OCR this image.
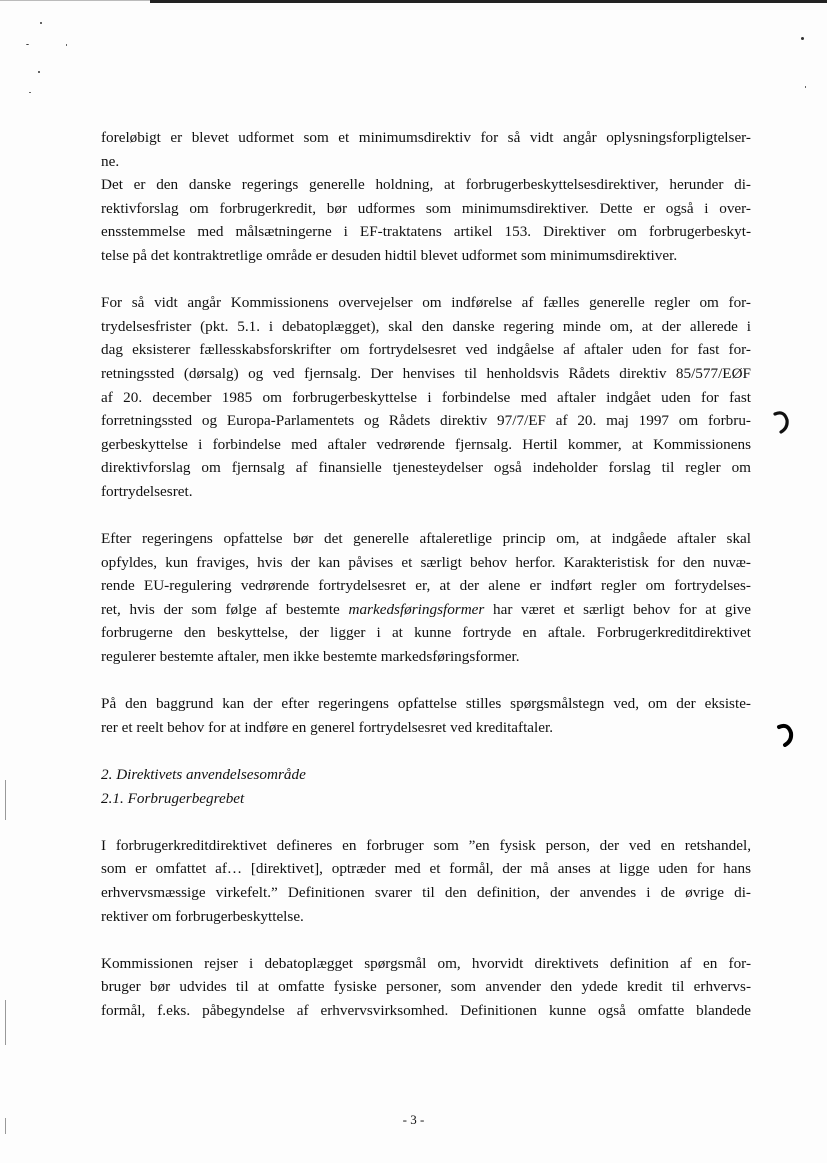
foreløbigt er blevet udformet som et minimumsdirektiv for så vidt angår oplysningsforpligtelser-
ne.
Det er den danske regerings generelle holdning, at forbrugerbeskyttelsesdirektiver, herunder di-
rektivforslag om forbrugerkredit, bør udformes som minimumsdirektiver. Dette er også i over-
ensstemmelse med målsætningerne i EF-traktatens artikel 153. Direktiver om forbrugerbeskyt-
telse på det kontraktretlige område er desuden hidtil blevet udformet som minimumsdirektiver.
For så vidt angår Kommissionens overvejelser om indførelse af fælles generelle regler om for-
trydelsesfrister (pkt. 5.1. i debatoplægget), skal den danske regering minde om, at der allerede i
dag eksisterer fællesskabsforskrifter om fortrydelsesret ved indgåelse af aftaler uden for fast for-
retningssted (dørsalg) og ved fjernsalg. Der henvises til henholdsvis Rådets direktiv 85/577/EØF
af 20. december 1985 om forbrugerbeskyttelse i forbindelse med aftaler indgået uden for fast
forretningssted og Europa-Parlamentets og Rådets direktiv 97/7/EF af 20. maj 1997 om forbru-
gerbeskyttelse i forbindelse med aftaler vedrørende fjernsalg. Hertil kommer, at Kommissionens
direktivforslag om fjernsalg af finansielle tjenesteydelser også indeholder forslag til regler om
fortrydelsesret.
Efter regeringens opfattelse bør det generelle aftaleretlige princip om, at indgåede aftaler skal
opfyldes, kun fraviges, hvis der kan påvises et særligt behov herfor. Karakteristisk for den nuvæ-
rende EU-regulering vedrørende fortrydelsesret er, at der alene er indført regler om fortrydelses-
ret, hvis der som følge af bestemte markedsføringsformer har været et særligt behov for at give
forbrugerne den beskyttelse, der ligger i at kunne fortryde en aftale. Forbrugerkreditdirektivet
regulerer bestemte aftaler, men ikke bestemte markedsføringsformer.
På den baggrund kan der efter regeringens opfattelse stilles spørgsmålstegn ved, om der eksiste-
rer et reelt behov for at indføre en generel fortrydelsesret ved kreditaftaler.
2. Direktivets anvendelsesområde
2.1. Forbrugerbegrebet
I forbrugerkreditdirektivet defineres en forbruger som ”en fysisk person, der ved en retshandel,
som er omfattet af… [direktivet], optræder med et formål, der må anses at ligge uden for hans
erhvervsmæssige virkefelt.” Definitionen svarer til den definition, der anvendes i de øvrige di-
rektiver om forbrugerbeskyttelse.
Kommissionen rejser i debatoplægget spørgsmål om, hvorvidt direktivets definition af en for-
bruger bør udvides til at omfatte fysiske personer, som anvender den ydede kredit til erhvervs-
formål, f.eks. påbegyndelse af erhvervsvirksomhed. Definitionen kunne også omfatte blandede
- 3 -
